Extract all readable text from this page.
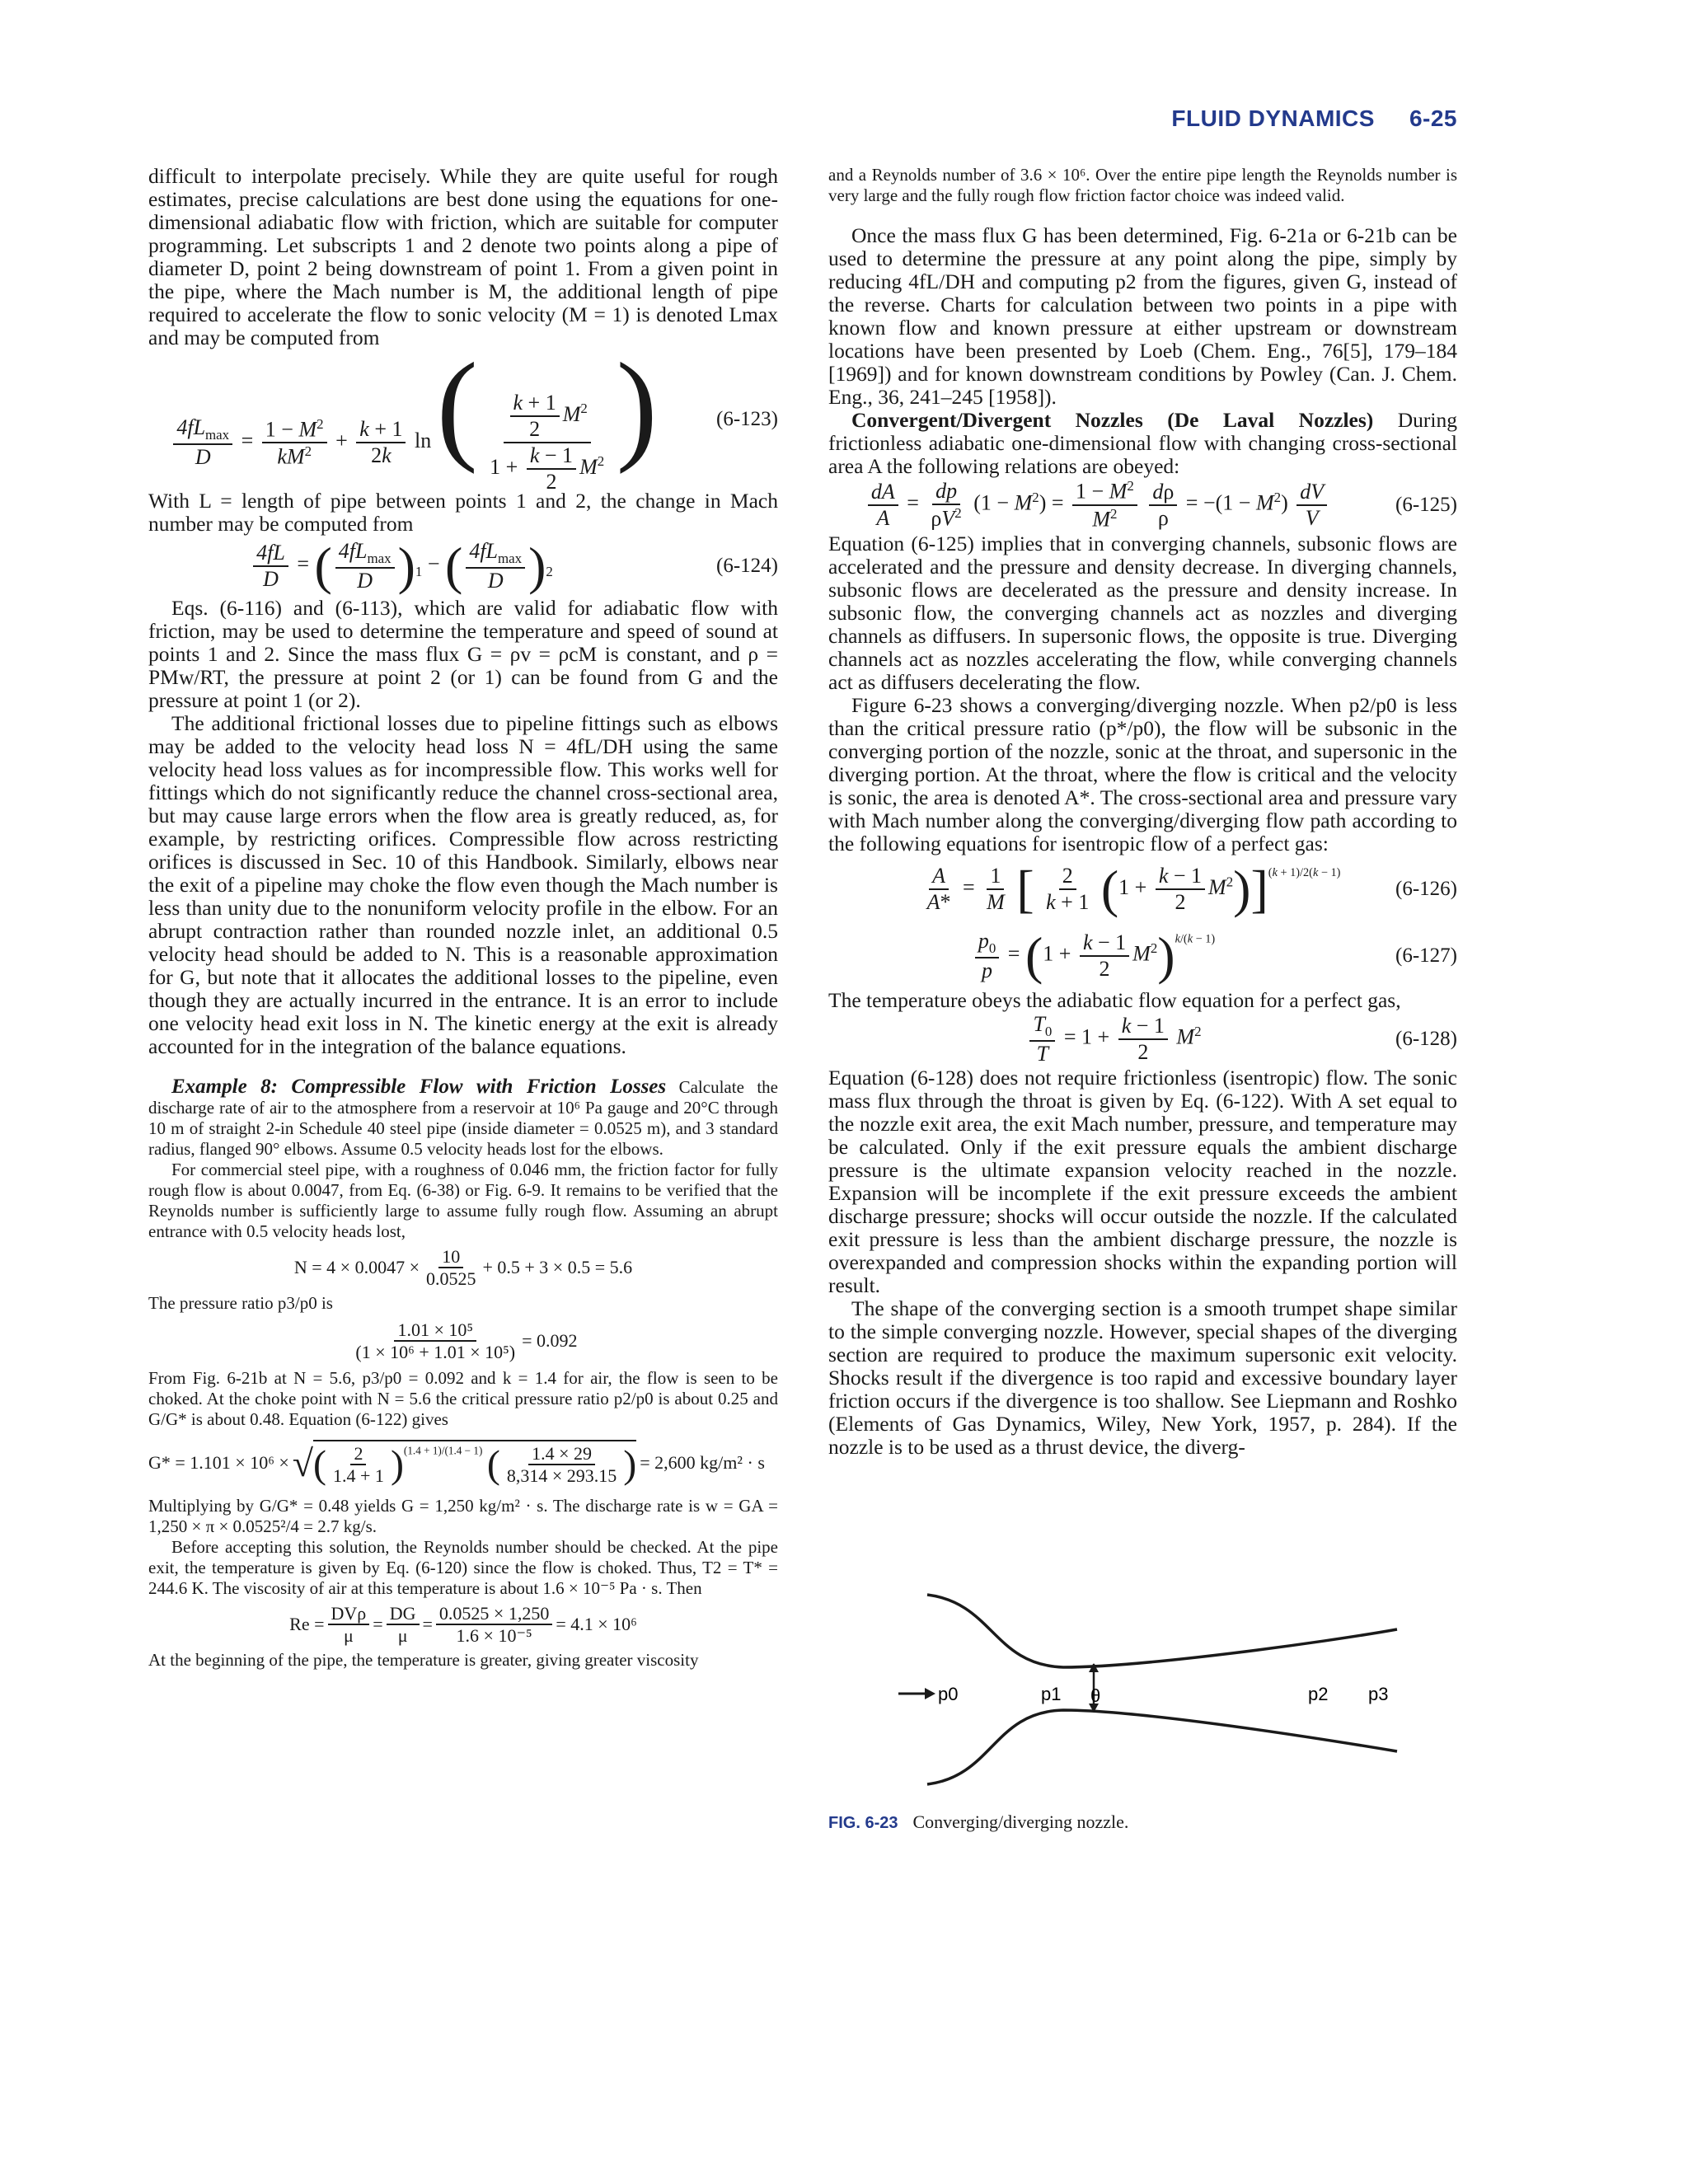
FLUID DYNAMICS 6-25

difficult to interpolate precisely. While they are quite useful for rough estimates, precise calculations are best done using the equations for one-dimensional adiabatic flow with friction, which are suitable for computer programming. Let subscripts 1 and 2 denote two points along a pipe of diameter D, point 2 being downstream of point 1. From a given point in the pipe, where the Mach number is M, the additional length of pipe required to accelerate the flow to sonic velocity (M = 1) is denoted Lmax and may be computed from

$\frac{4fL_{max}}{D} = \frac{1 - M^2}{kM^2} + \frac{k + 1}{2k}$ ln ( $\frac{\frac{k + 1}{2} M^2}{1 + \frac{k - 1}{2} M^2}$ )	(6-123)

With L = length of pipe between points 1 and 2, the change in Mach number may be computed from

$\frac{4fL}{D}$ = ( $\frac{4fL_{max}}{D} )_1$ − ( $\frac{4fL_{max}}{D} )_2$	(6-124)

Eqs. (6-116) and (6-113), which are valid for adiabatic flow with friction, may be used to determine the temperature and speed of sound at points 1 and 2. Since the mass flux G = ρv = ρcM is constant, and ρ = PMw/RT, the pressure at point 2 (or 1) can be found from G and the pressure at point 1 (or 2).

The additional frictional losses due to pipeline fittings such as elbows may be added to the velocity head loss N = 4fL/DH using the same velocity head loss values as for incompressible flow. This works well for fittings which do not significantly reduce the channel cross-sectional area, but may cause large errors when the flow area is greatly reduced, as, for example, by restricting orifices. Compressible flow across restricting orifices is discussed in Sec. 10 of this Handbook. Similarly, elbows near the exit of a pipeline may choke the flow even though the Mach number is less than unity due to the nonuniform velocity profile in the elbow. For an abrupt contraction rather than rounded nozzle inlet, an additional 0.5 velocity head should be added to N. This is a reasonable approximation for G, but note that it allocates the additional losses to the pipeline, even though they are actually incurred in the entrance. It is an error to include one velocity head exit loss in N. The kinetic energy at the exit is already accounted for in the integration of the balance equations.

Example 8: Compressible Flow with Friction Losses Calculate the discharge rate of air to the atmosphere from a reservoir at 10⁶ Pa gauge and 20°C through 10 m of straight 2-in Schedule 40 steel pipe (inside diameter = 0.0525 m), and 3 standard radius, flanged 90° elbows. Assume 0.5 velocity heads lost for the elbows.

For commercial steel pipe, with a roughness of 0.046 mm, the friction factor for fully rough flow is about 0.0047, from Eq. (6-38) or Fig. 6-9. It remains to be verified that the Reynolds number is sufficiently large to assume fully rough flow. Assuming an abrupt entrance with 0.5 velocity heads lost,

$N = 4 \times 0.0047 \times \frac{10}{0.0525} + 0.5 + 3 \times 0.5 = 5.6$

The pressure ratio p3/p0 is

$\frac{\text{1.01 × 10⁵}}{\text{(1 × 10⁶ + 1.01 × 10⁵)}} = 0.092$

From Fig. 6-21b at N = 5.6, p3/p0 = 0.092 and k = 1.4 for air, the flow is seen to be choked. At the choke point with N = 5.6 the critical pressure ratio p2/p0 is about 0.25 and G/G* is about 0.48. Equation (6-122) gives

G* = 1.101 × 10⁶ × √ ( $\frac{2}{1.4 + 1} )^{(1.4 + 1)/(1.4 - 1)}$ ( $\frac{1.4 \times 29}{8,314 \times 293.15}$ ) = 2,600 kg/m² · s

Multiplying by G/G* = 0.48 yields G = 1,250 kg/m² · s. The discharge rate is w = GA = 1,250 × π × 0.0525²/4 = 2.7 kg/s.

Before accepting this solution, the Reynolds number should be checked. At the pipe exit, the temperature is given by Eq. (6-120) since the flow is choked. Thus, T2 = T* = 244.6 K. The viscosity of air at this temperature is about 1.6 × 10⁻⁵ Pa · s. Then

$Re = \frac{\text{DVρ}}{\mu} = \frac{DG}{\mu} = \frac{0.0525 \times 1,250}{\text{1.6 × 10⁻⁵}} = 4.1 \times 10^6$

At the beginning of the pipe, the temperature is greater, giving greater viscosity

and a Reynolds number of 3.6 × 10⁶. Over the entire pipe length the Reynolds number is very large and the fully rough flow friction factor choice was indeed valid.

Once the mass flux G has been determined, Fig. 6-21a or 6-21b can be used to determine the pressure at any point along the pipe, simply by reducing 4fL/DH and computing p2 from the figures, given G, instead of the reverse. Charts for calculation between two points in a pipe with known flow and known pressure at either upstream or downstream locations have been presented by Loeb (Chem. Eng., 76[5], 179–184 [1969]) and for known downstream conditions by Powley (Can. J. Chem. Eng., 36, 241–245 [1958]).

Convergent/Divergent Nozzles (De Laval Nozzles) During frictionless adiabatic one-dimensional flow with changing cross-sectional area A the following relations are obeyed:

$\frac{dA}{A} = \frac{dp}{\rho V^2} (1 - M^2) = \frac{1 - M^2}{M^2}$
$\frac{d\rho}{\rho} = -(1 - M^2) \frac{dV}{V}$	(6-125)

Equation (6-125) implies that in converging channels, subsonic flows are accelerated and the pressure and density decrease. In diverging channels, subsonic flows are decelerated as the pressure and density increase. In subsonic flow, the converging channels act as nozzles and diverging channels as diffusers. In supersonic flows, the opposite is true. Diverging channels act as nozzles accelerating the flow, while converging channels act as diffusers decelerating the flow.

Figure 6-23 shows a converging/diverging nozzle. When p2/p0 is less than the critical pressure ratio (p*/p0), the flow will be subsonic in the converging portion of the nozzle, sonic at the throat, and supersonic in the diverging portion. At the throat, where the flow is critical and the velocity is sonic, the area is denoted A*. The cross-sectional area and pressure vary with Mach number along the converging/diverging flow path according to the following equations for isentropic flow of a perfect gas:

$\frac{A}{A*} = \frac{1}{M}$ [ $\frac{2}{k + 1} (1 + \frac{k - 1}{2} M^2)]^{(k + 1)/2(k - 1)}$
(6-126)
$\frac{p_0}{p} = (1 + \frac{k - 1}{2} M^2)^{k/(k - 1)}$
(6-127)

The temperature obeys the adiabatic flow equation for a perfect gas,

$\frac{T_0}{T} = 1 + \frac{k - 1}{2} M^2$	(6-128)

Equation (6-128) does not require frictionless (isentropic) flow. The sonic mass flux through the throat is given by Eq. (6-122). With A set equal to the nozzle exit area, the exit Mach number, pressure, and temperature may be calculated. Only if the exit pressure equals the ambient discharge pressure is the ultimate expansion velocity reached in the nozzle. Expansion will be incomplete if the exit pressure exceeds the ambient discharge pressure; shocks will occur outside the nozzle. If the calculated exit pressure is less than the ambient discharge pressure, the nozzle is overexpanded and compression shocks within the expanding portion will result.

The shape of the converging section is a smooth trumpet shape similar to the simple converging nozzle. However, special shapes of the diverging section are required to produce the maximum supersonic exit velocity. Shocks result if the divergence is too rapid and excessive boundary layer friction occurs if the divergence is too shallow. See Liepmann and Roshko (Elements of Gas Dynamics, Wiley, New York, 1957, p. 284). If the nozzle is to be used as a thrust device, the diverg-

p0	p1 θ	p2 p3
FIG. 6-23 Converging/diverging nozzle.
